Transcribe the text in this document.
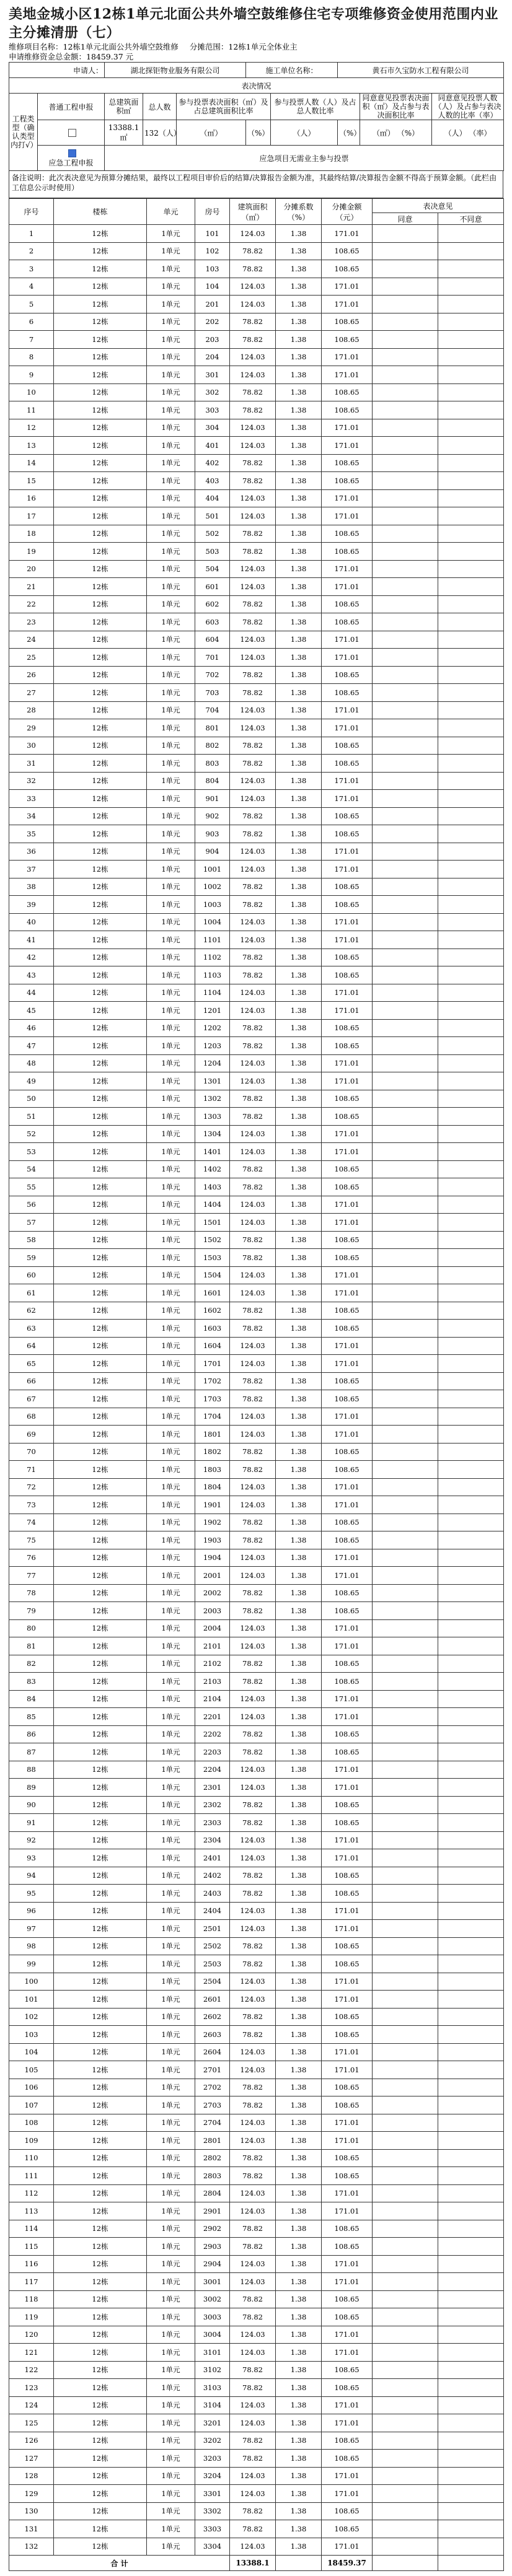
美地金城小区12栋1单元北面公共外墙空鼓维修住宅专项维修资金使用范围内业主分摊清册（七）
维修项目名称：12栋1单元北面公共外墙空鼓维修 分摊范围：12栋1单元全体业主
申请维修资金总金额：18459.37 元
申请人：		湖北探钜物业服务有限公司			施工单位名称：		黄石市久宝防水工程有限公司		
表决情况									
工程类型（确认类型内打√）	普通工程申报	总建筑面积㎡	总人数	参与投票表决面积（㎡）及占总建筑面积比率		参与投票人数（人）及占总人数比率		同意意见投票表决面积（㎡）及占参与表决面积比率	同意意见投票人数（人）及占参与表决人数的比率（率）
		13388.1
㎡	132（人）	（㎡）	（%）	（人）	（%）	（㎡） （%）	（人） （率）

应急工程申报	应急项目无需业主参与投票							
备注说明：此次表决意见为预算分摊结果，最终以工程项目审价后的结算/决算报告金额为准，其最终结算/决算报告金额不得高于预算金额。（此栏由工信息公示时使用）
序号	楼栋	单元	房号	建筑面积（㎡）	分摊系数（%）	分摊金额（元）	表决意见	
							同意	不同意
1	12栋	1单元	101	124.03	1.38	171.01		
2	12栋	1单元	102	78.82	1.38	108.65		
3	12栋	1单元	103	78.82	1.38	108.65		
4	12栋	1单元	104	124.03	1.38	171.01		
5	12栋	1单元	201	124.03	1.38	171.01		
6	12栋	1单元	202	78.82	1.38	108.65		
7	12栋	1单元	203	78.82	1.38	108.65		
8	12栋	1单元	204	124.03	1.38	171.01		
9	12栋	1单元	301	124.03	1.38	171.01		
10	12栋	1单元	302	78.82	1.38	108.65		
11	12栋	1单元	303	78.82	1.38	108.65		
12	12栋	1单元	304	124.03	1.38	171.01		
13	12栋	1单元	401	124.03	1.38	171.01		
14	12栋	1单元	402	78.82	1.38	108.65		
15	12栋	1单元	403	78.82	1.38	108.65		
16	12栋	1单元	404	124.03	1.38	171.01		
17	12栋	1单元	501	124.03	1.38	171.01		
18	12栋	1单元	502	78.82	1.38	108.65		
19	12栋	1单元	503	78.82	1.38	108.65		
20	12栋	1单元	504	124.03	1.38	171.01		
21	12栋	1单元	601	124.03	1.38	171.01		
22	12栋	1单元	602	78.82	1.38	108.65		
23	12栋	1单元	603	78.82	1.38	108.65		
24	12栋	1单元	604	124.03	1.38	171.01		
25	12栋	1单元	701	124.03	1.38	171.01		
26	12栋	1单元	702	78.82	1.38	108.65		
27	12栋	1单元	703	78.82	1.38	108.65		
28	12栋	1单元	704	124.03	1.38	171.01		
29	12栋	1单元	801	124.03	1.38	171.01		
30	12栋	1单元	802	78.82	1.38	108.65		
31	12栋	1单元	803	78.82	1.38	108.65		
32	12栋	1单元	804	124.03	1.38	171.01		
33	12栋	1单元	901	124.03	1.38	171.01		
34	12栋	1单元	902	78.82	1.38	108.65		
35	12栋	1单元	903	78.82	1.38	108.65		
36	12栋	1单元	904	124.03	1.38	171.01		
37	12栋	1单元	1001	124.03	1.38	171.01		
38	12栋	1单元	1002	78.82	1.38	108.65		
39	12栋	1单元	1003	78.82	1.38	108.65		
40	12栋	1单元	1004	124.03	1.38	171.01		
41	12栋	1单元	1101	124.03	1.38	171.01		
42	12栋	1单元	1102	78.82	1.38	108.65		
43	12栋	1单元	1103	78.82	1.38	108.65		
44	12栋	1单元	1104	124.03	1.38	171.01		
45	12栋	1单元	1201	124.03	1.38	171.01		
46	12栋	1单元	1202	78.82	1.38	108.65		
47	12栋	1单元	1203	78.82	1.38	108.65		
48	12栋	1单元	1204	124.03	1.38	171.01		
49	12栋	1单元	1301	124.03	1.38	171.01		
50	12栋	1单元	1302	78.82	1.38	108.65		
51	12栋	1单元	1303	78.82	1.38	108.65		
52	12栋	1单元	1304	124.03	1.38	171.01		
53	12栋	1单元	1401	124.03	1.38	171.01		
54	12栋	1单元	1402	78.82	1.38	108.65		
55	12栋	1单元	1403	78.82	1.38	108.65		
56	12栋	1单元	1404	124.03	1.38	171.01		
57	12栋	1单元	1501	124.03	1.38	171.01		
58	12栋	1单元	1502	78.82	1.38	108.65		
59	12栋	1单元	1503	78.82	1.38	108.65		
60	12栋	1单元	1504	124.03	1.38	171.01		
61	12栋	1单元	1601	124.03	1.38	171.01		
62	12栋	1单元	1602	78.82	1.38	108.65		
63	12栋	1单元	1603	78.82	1.38	108.65		
64	12栋	1单元	1604	124.03	1.38	171.01		
65	12栋	1单元	1701	124.03	1.38	171.01		
66	12栋	1单元	1702	78.82	1.38	108.65		
67	12栋	1单元	1703	78.82	1.38	108.65		
68	12栋	1单元	1704	124.03	1.38	171.01		
69	12栋	1单元	1801	124.03	1.38	171.01		
70	12栋	1单元	1802	78.82	1.38	108.65		
71	12栋	1单元	1803	78.82	1.38	108.65		
72	12栋	1单元	1804	124.03	1.38	171.01		
73	12栋	1单元	1901	124.03	1.38	171.01		
74	12栋	1单元	1902	78.82	1.38	108.65		
75	12栋	1单元	1903	78.82	1.38	108.65		
76	12栋	1单元	1904	124.03	1.38	171.01		
77	12栋	1单元	2001	124.03	1.38	171.01		
78	12栋	1单元	2002	78.82	1.38	108.65		
79	12栋	1单元	2003	78.82	1.38	108.65		
80	12栋	1单元	2004	124.03	1.38	171.01		
81	12栋	1单元	2101	124.03	1.38	171.01		
82	12栋	1单元	2102	78.82	1.38	108.65		
83	12栋	1单元	2103	78.82	1.38	108.65		
84	12栋	1单元	2104	124.03	1.38	171.01		
85	12栋	1单元	2201	124.03	1.38	171.01		
86	12栋	1单元	2202	78.82	1.38	108.65		
87	12栋	1单元	2203	78.82	1.38	108.65		
88	12栋	1单元	2204	124.03	1.38	171.01		
89	12栋	1单元	2301	124.03	1.38	171.01		
90	12栋	1单元	2302	78.82	1.38	108.65		
91	12栋	1单元	2303	78.82	1.38	108.65		
92	12栋	1单元	2304	124.03	1.38	171.01		
93	12栋	1单元	2401	124.03	1.38	171.01		
94	12栋	1单元	2402	78.82	1.38	108.65		
95	12栋	1单元	2403	78.82	1.38	108.65		
96	12栋	1单元	2404	124.03	1.38	171.01		
97	12栋	1单元	2501	124.03	1.38	171.01		
98	12栋	1单元	2502	78.82	1.38	108.65		
99	12栋	1单元	2503	78.82	1.38	108.65		
100	12栋	1单元	2504	124.03	1.38	171.01		
101	12栋	1单元	2601	124.03	1.38	171.01		
102	12栋	1单元	2602	78.82	1.38	108.65		
103	12栋	1单元	2603	78.82	1.38	108.65		
104	12栋	1单元	2604	124.03	1.38	171.01		
105	12栋	1单元	2701	124.03	1.38	171.01		
106	12栋	1单元	2702	78.82	1.38	108.65		
107	12栋	1单元	2703	78.82	1.38	108.65		
108	12栋	1单元	2704	124.03	1.38	171.01		
109	12栋	1单元	2801	124.03	1.38	171.01		
110	12栋	1单元	2802	78.82	1.38	108.65		
111	12栋	1单元	2803	78.82	1.38	108.65		
112	12栋	1单元	2804	124.03	1.38	171.01		
113	12栋	1单元	2901	124.03	1.38	171.01		
114	12栋	1单元	2902	78.82	1.38	108.65		
115	12栋	1单元	2903	78.82	1.38	108.65		
116	12栋	1单元	2904	124.03	1.38	171.01		
117	12栋	1单元	3001	124.03	1.38	171.01		
118	12栋	1单元	3002	78.82	1.38	108.65		
119	12栋	1单元	3003	78.82	1.38	108.65		
120	12栋	1单元	3004	124.03	1.38	171.01		
121	12栋	1单元	3101	124.03	1.38	171.01		
122	12栋	1单元	3102	78.82	1.38	108.65		
123	12栋	1单元	3103	78.82	1.38	108.65		
124	12栋	1单元	3104	124.03	1.38	171.01		
125	12栋	1单元	3201	124.03	1.38	171.01		
126	12栋	1单元	3202	78.82	1.38	108.65		
127	12栋	1单元	3203	78.82	1.38	108.65		
128	12栋	1单元	3204	124.03	1.38	171.01		
129	12栋	1单元	3301	124.03	1.38	171.01		
130	12栋	1单元	3302	78.82	1.38	108.65		
131	12栋	1单元	3303	78.82	1.38	108.65		
132	12栋	1单元	3304	124.03	1.38	171.01		
合 计				13388.1		18459.37		
